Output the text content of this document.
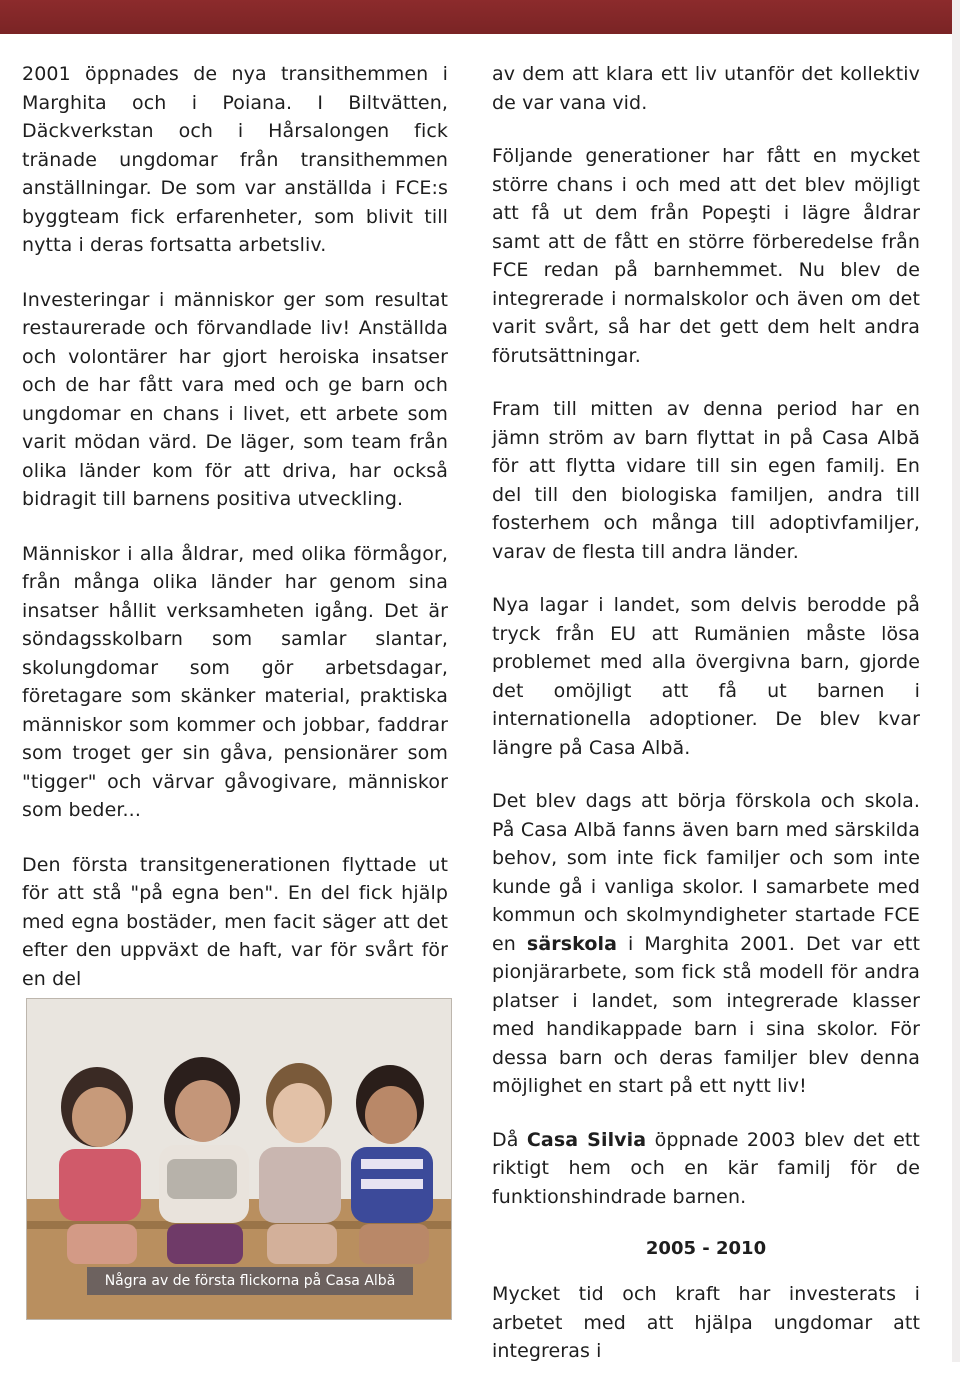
2001 öppnades de nya transithemmen i Marghita och i Poiana. I Biltvätten, Däckverkstan och i Hårsalongen fick tränade ungdomar från transithemmen anställningar. De som var anställda i FCE:s byggteam fick erfarenheter, som blivit till nytta i deras fortsatta arbetsliv.

Investeringar i människor ger som resultat restaurerade och förvandlade liv! Anställda och volontärer har gjort heroiska insatser och de har fått vara med och ge barn och ungdomar en chans i livet, ett arbete som varit mödan värd. De läger, som team från olika länder kom för att driva, har också bidragit till barnens positiva utveckling.

Människor i alla åldrar, med olika förmågor, från många olika länder har genom sina insatser hållit verksamheten igång. Det är söndagsskolbarn som samlar slantar, skolungdomar som gör arbetsdagar, företagare som skänker material, praktiska människor som kommer och jobbar, faddrar som troget ger sin gåva, pensionärer som "tigger" och värvar gåvogivare, människor som beder...

Den första transitgenerationen flyttade ut för att stå "på egna ben". En del fick hjälp med egna bostäder, men facit säger att det efter den uppväxt de haft, var för svårt för en del

Några av de första flickorna på Casa Albă

av dem att klara ett liv utanför det kollektiv de var vana vid.

Följande generationer har fått en mycket större chans i och med att det blev möjligt att få ut dem från Popeşti i lägre åldrar samt att de fått en större förberedelse från FCE redan på barnhemmet. Nu blev de integrerade i normalskolor och även om det varit svårt, så har det gett dem helt andra förutsättningar.

Fram till mitten av denna period har en jämn ström av barn flyttat in på Casa Albă för att flytta vidare till sin egen familj. En del till den biologiska familjen, andra till fosterhem och många till adoptivfamiljer, varav de flesta till andra länder.

Nya lagar i landet, som delvis berodde på tryck från EU att Rumänien måste lösa problemet med alla övergivna barn, gjorde det omöjligt att få ut barnen i internationella adoptioner. De blev kvar längre på Casa Albă.

Det blev dags att börja förskola och skola. På Casa Albă fanns även barn med särskilda behov, som inte fick familjer och som inte kunde gå i vanliga skolor. I samarbete med kommun och skolmyndigheter startade FCE en särskola i Marghita 2001. Det var ett pionjärarbete, som fick stå modell för andra platser i landet, som integrerade klasser med handikappade barn i sina skolor. För dessa barn och deras familjer blev denna möjlighet en start på ett nytt liv!

Då Casa Silvia öppnade 2003 blev det ett riktigt hem och en kär familj för de funktionshindrade barnen.

2005 - 2010

Mycket tid och kraft har investerats i arbetet med att hjälpa ungdomar att integreras i
